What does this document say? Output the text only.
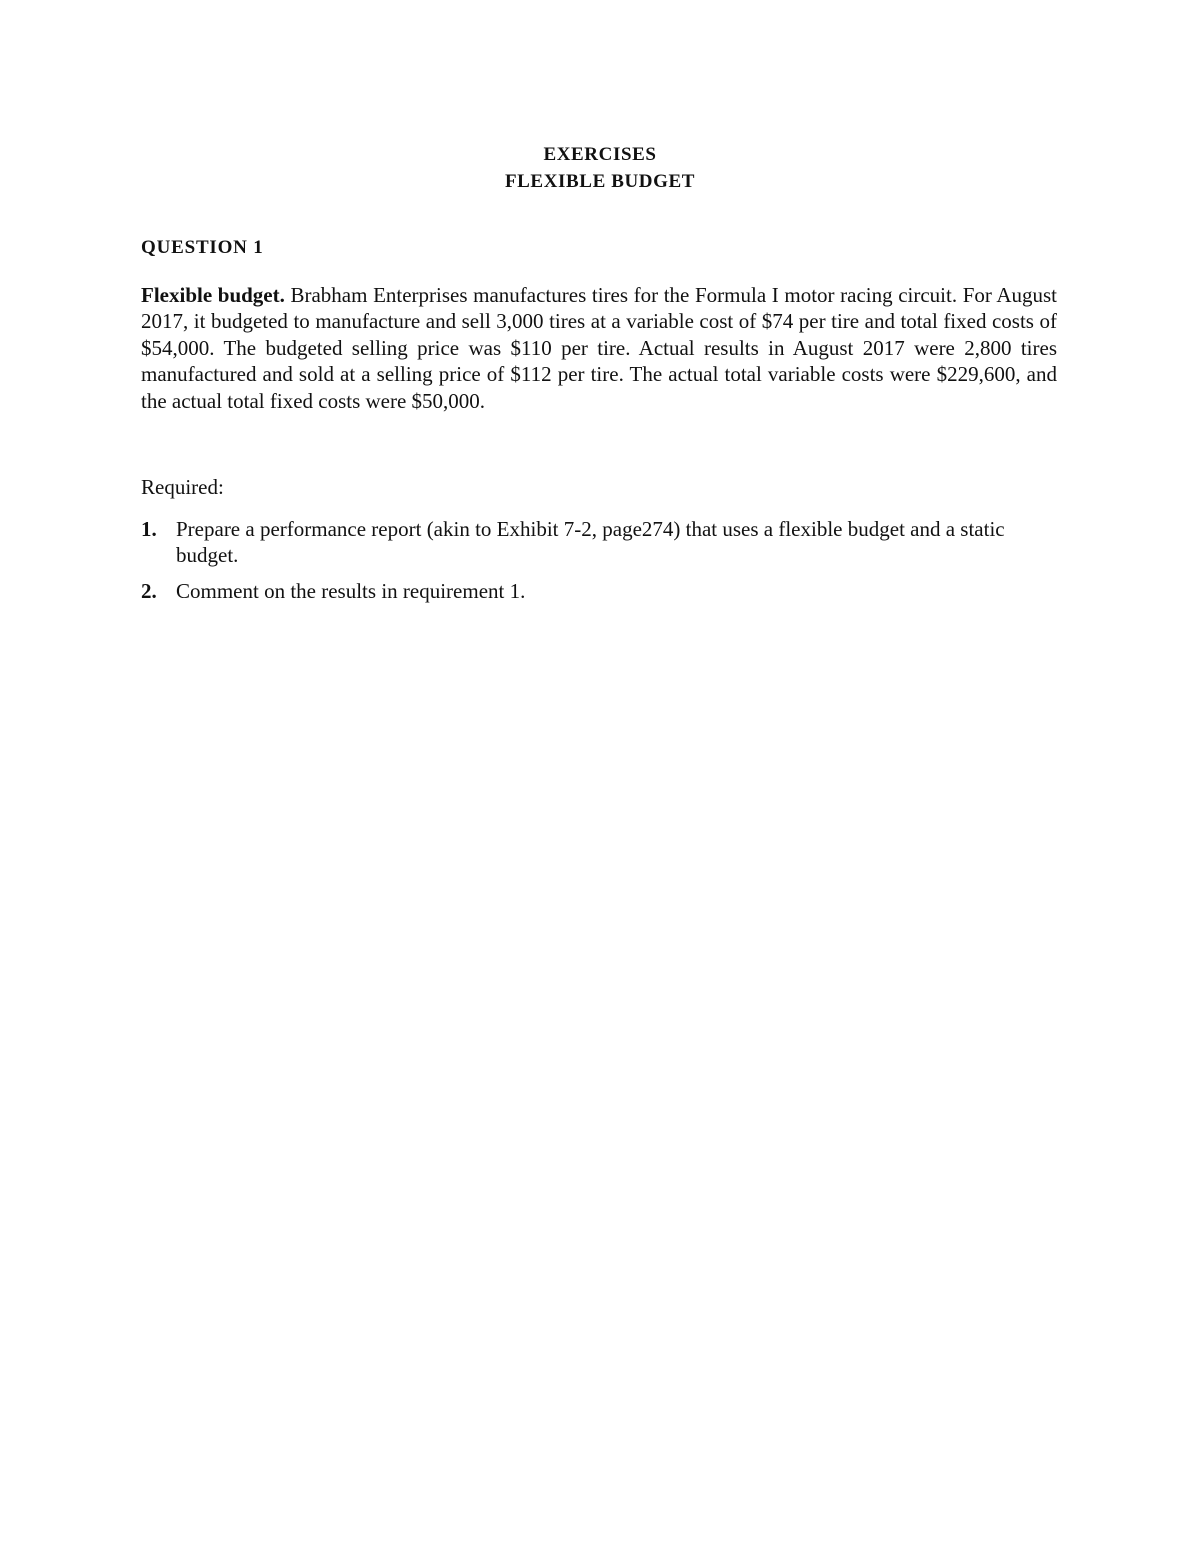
EXERCISES
FLEXIBLE BUDGET
QUESTION 1
Flexible budget. Brabham Enterprises manufactures tires for the Formula I motor racing circuit. For August 2017, it budgeted to manufacture and sell 3,000 tires at a variable cost of $74 per tire and total fixed costs of $54,000. The budgeted selling price was $110 per tire. Actual results in August 2017 were 2,800 tires manufactured and sold at a selling price of $112 per tire. The actual total variable costs were $229,600, and the actual total fixed costs were $50,000.
Required:
1. Prepare a performance report (akin to Exhibit 7-2, page274) that uses a flexible budget and a static budget.
2. Comment on the results in requirement 1.
